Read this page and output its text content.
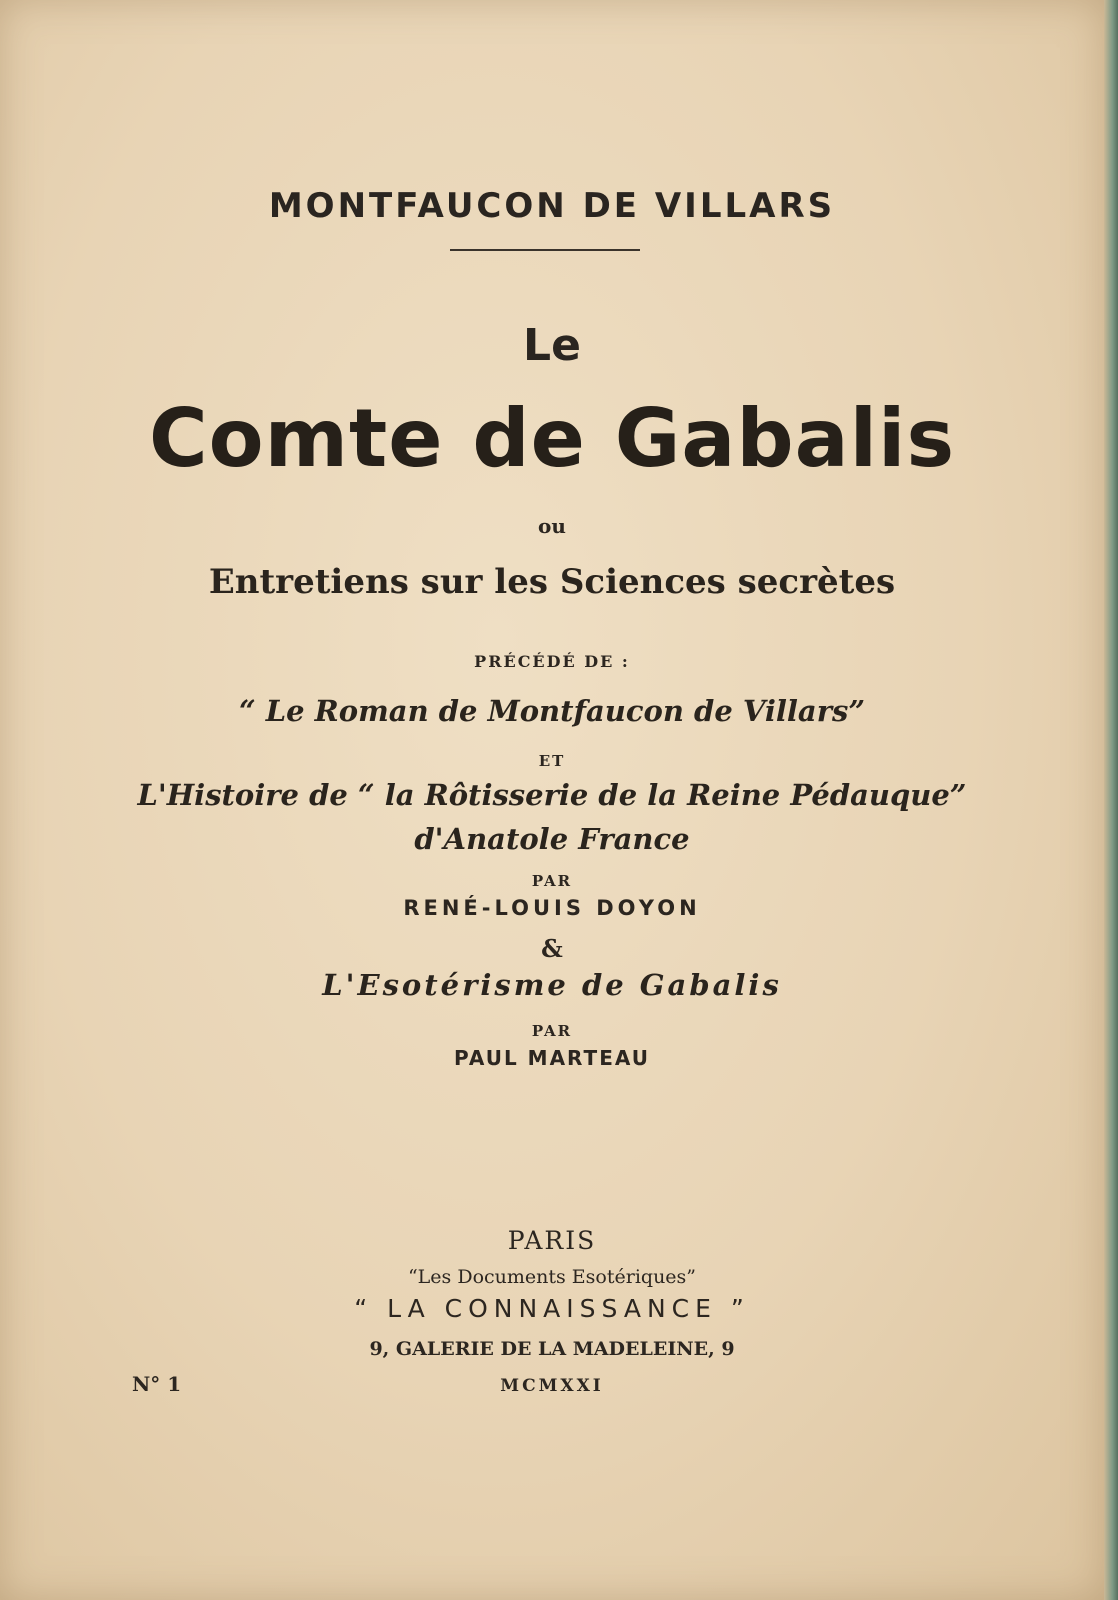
MONTFAUCON DE VILLARS
Le
Comte de Gabalis
ou
Entretiens sur les Sciences secrètes
PRÉCÉDÉ DE :
“ Le Roman de Montfaucon de Villars”
ET
L'Histoire de “ la Rôtisserie de la Reine Pédauque”
d'Anatole France
PAR
RENÉ-LOUIS DOYON
&
L'Esotérisme de Gabalis
PAR
PAUL MARTEAU
PARIS
“Les Documents Esotériques”
“ LA CONNAISSANCE ”
9, GALERIE DE LA MADELEINE, 9
MCMXXI
N° 1
